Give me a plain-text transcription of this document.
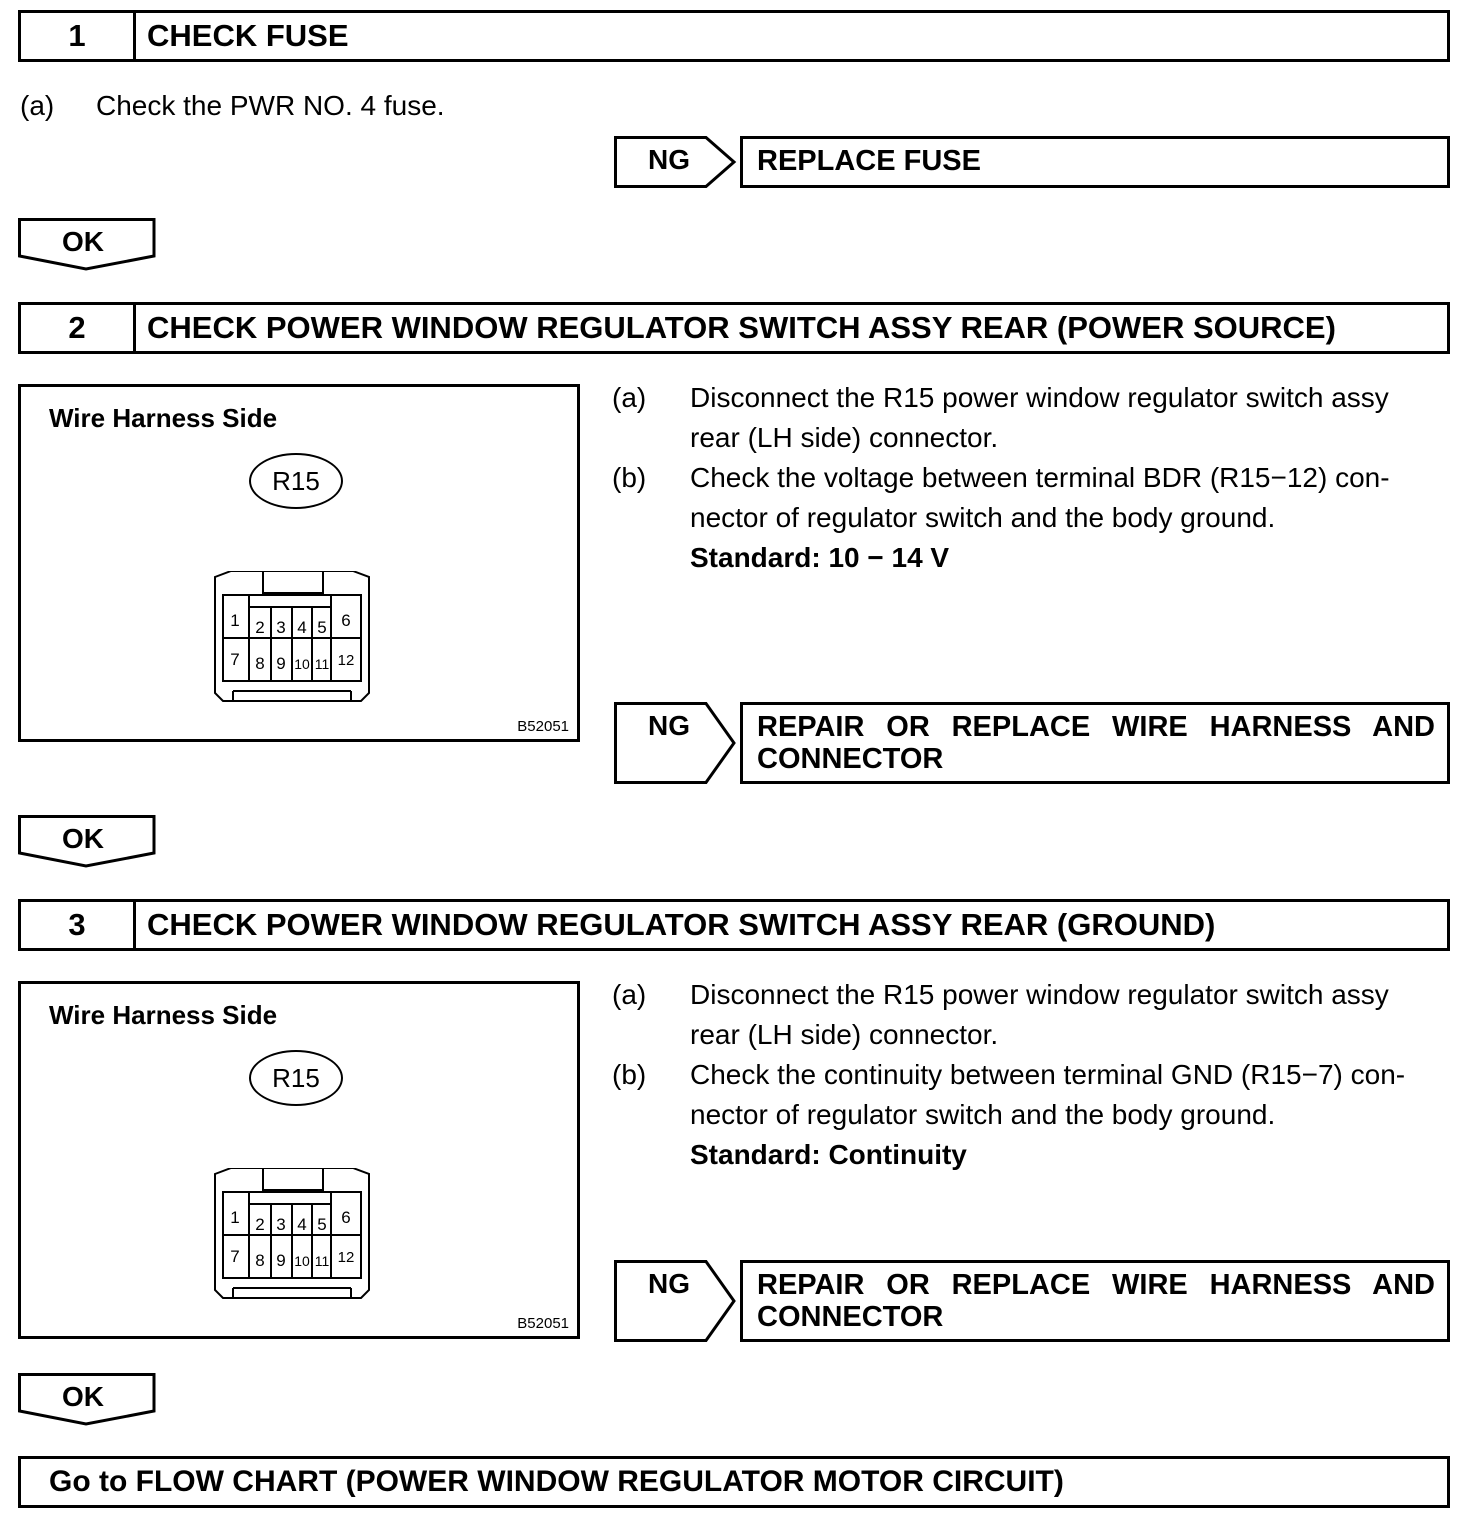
1	CHECK FUSE
(a) Check the PWR NO. 4 fuse.
NG REPLACE FUSE
OK
2	CHECK POWER WINDOW REGULATOR SWITCH ASSY REAR (POWER SOURCE)
Wire Harness Side
R15
1 2 3 4 5 6
7 8 9 10 11 12
B52051
(a) Disconnect the R15 power window regulator switch assy
rear (LH side) connector.
(b) Check the voltage between terminal BDR (R15−12) con-
nector of regulator switch and the body ground.
Standard: 10 − 14 V
NG REPAIR OR REPLACE WIRE HARNESS AND
CONNECTOR
OK
3	CHECK POWER WINDOW REGULATOR SWITCH ASSY REAR (GROUND)
Wire Harness Side
R15
1 2 3 4 5 6
7 8 9 10 11 12
B52051
(a) Disconnect the R15 power window regulator switch assy
rear (LH side) connector.
(b) Check the continuity between terminal GND (R15−7) con-
nector of regulator switch and the body ground.
Standard: Continuity
NG REPAIR OR REPLACE WIRE HARNESS AND
CONNECTOR
OK
Go to FLOW CHART (POWER WINDOW REGULATOR MOTOR CIRCUIT)
